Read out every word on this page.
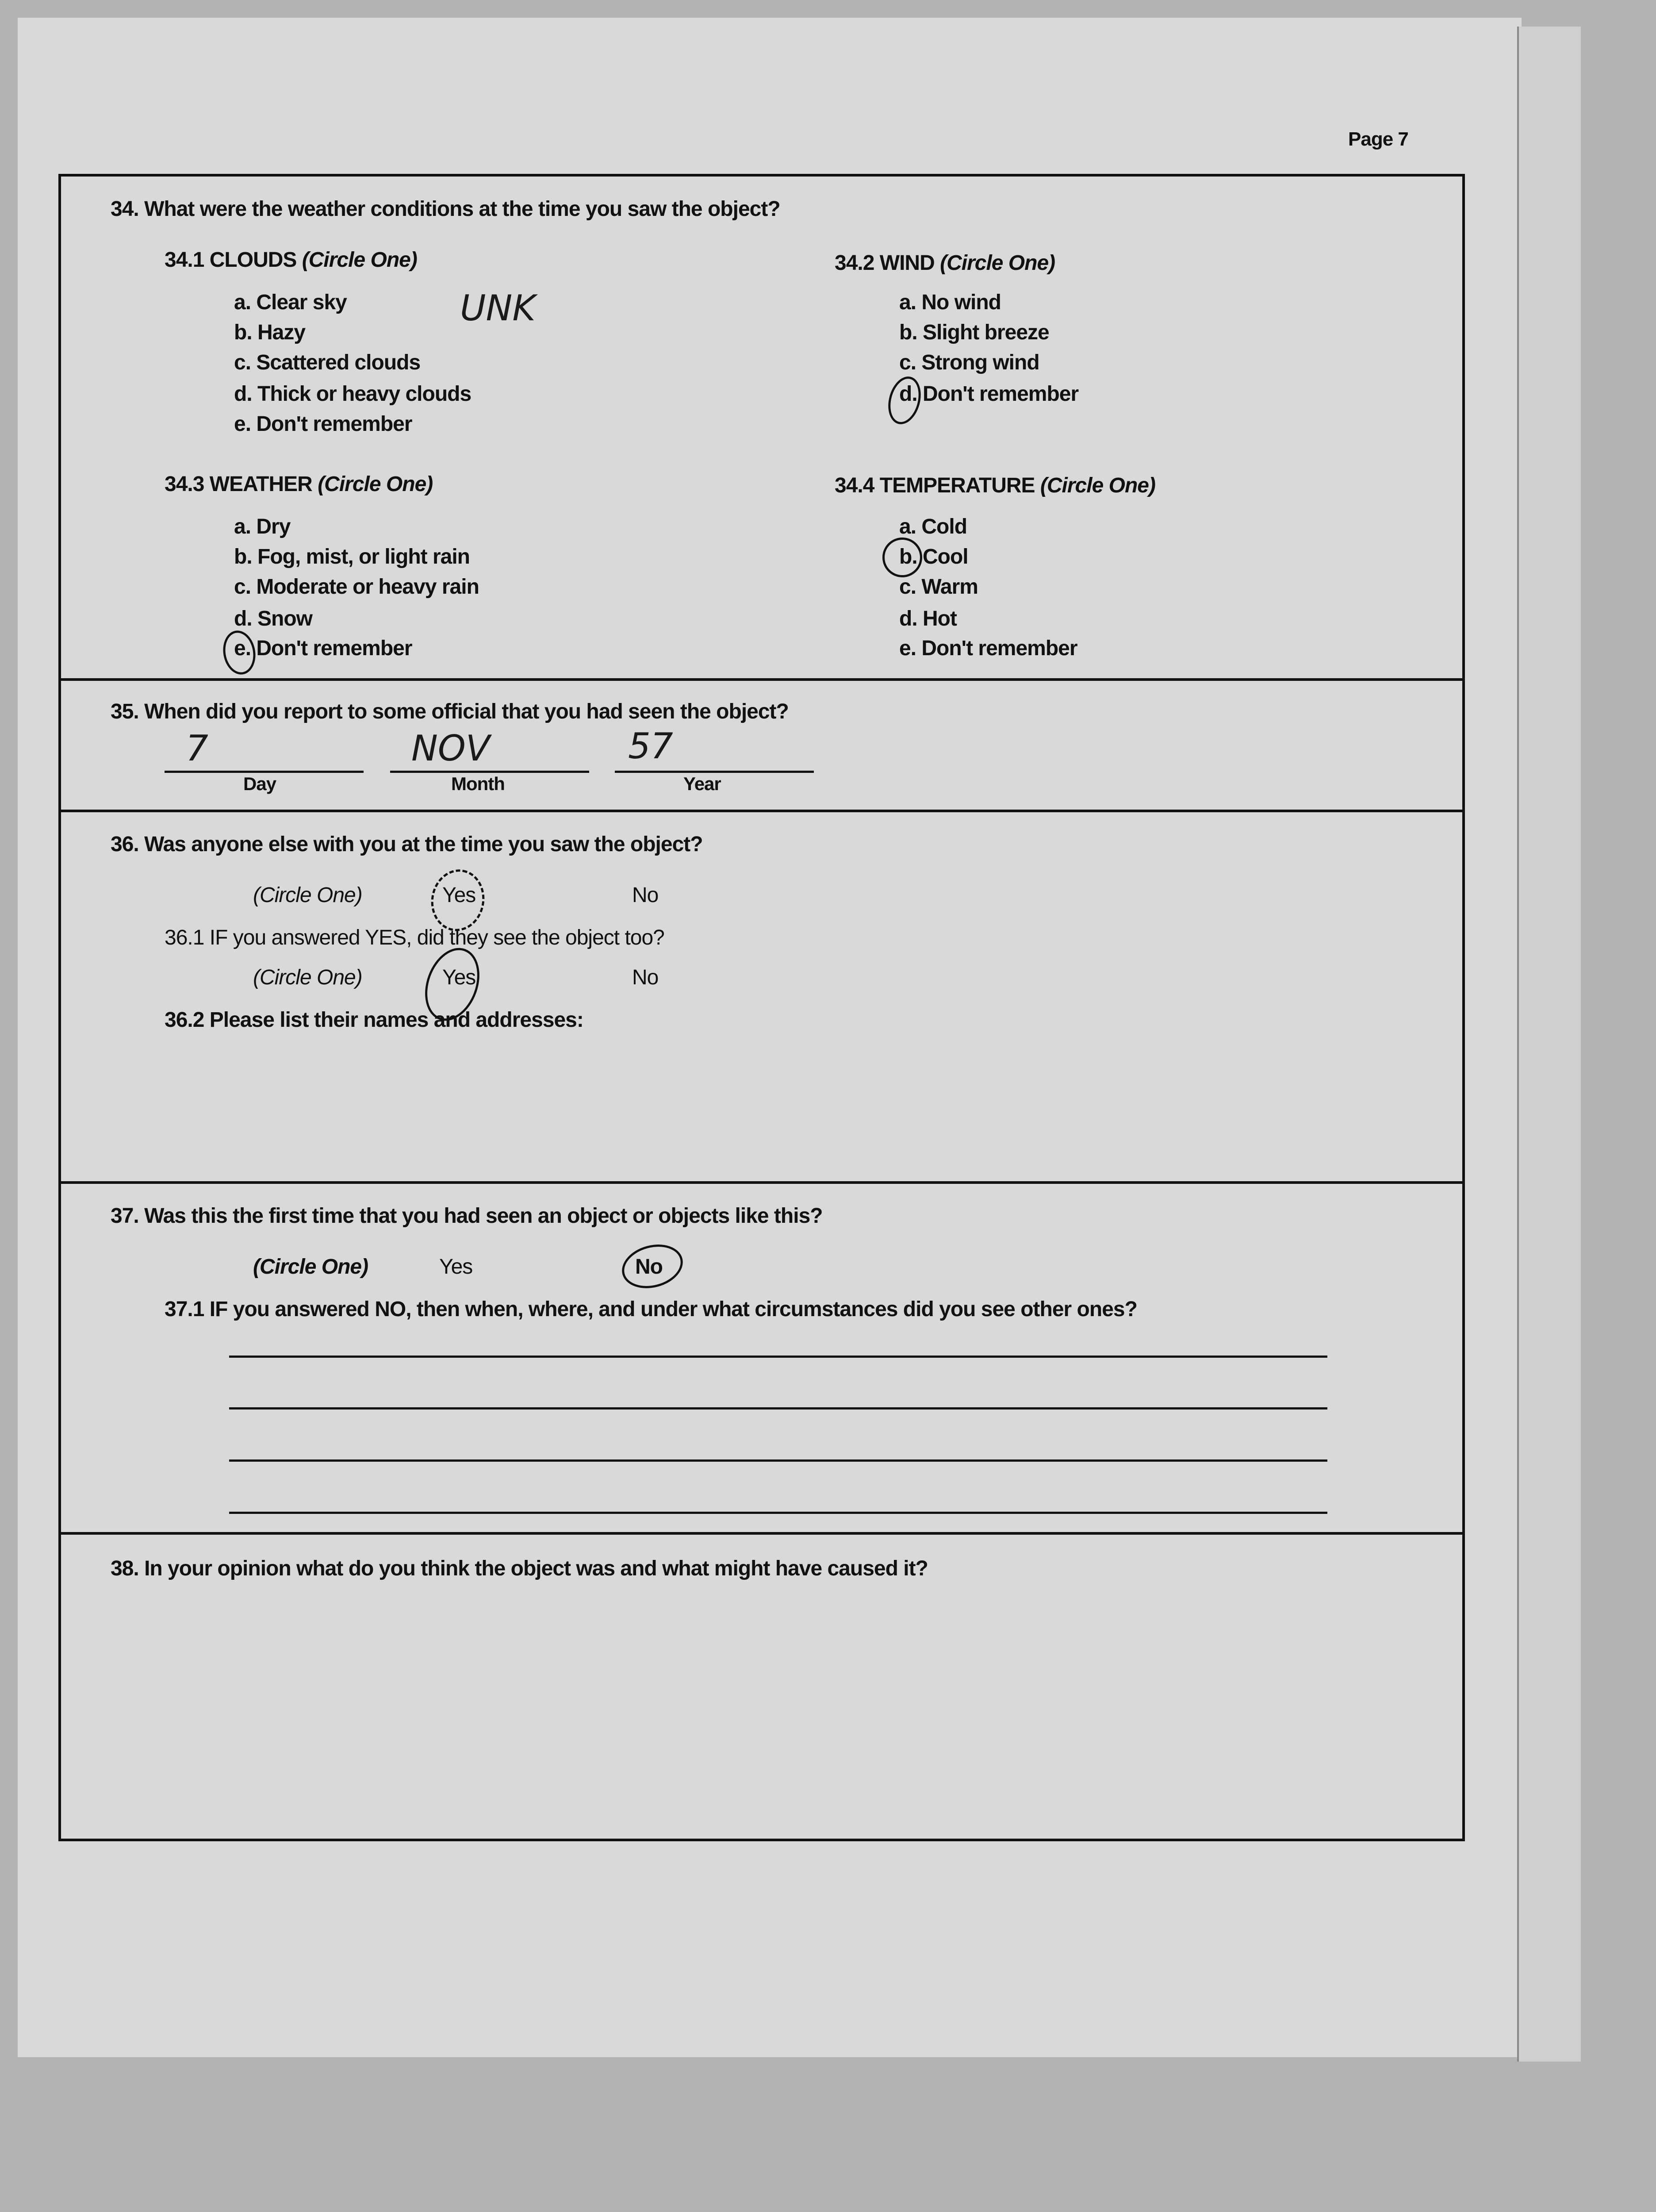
Page 7
34. What were the weather conditions at the time you saw the object?
34.1 CLOUDS (Circle One)
a. Clear sky
b. Hazy
c. Scattered clouds
d. Thick or heavy clouds
e. Don't remember
UNK
34.2 WIND (Circle One)
a. No wind
b. Slight breeze
c. Strong wind
d. Don't remember
34.3 WEATHER (Circle One)
a. Dry
b. Fog, mist, or light rain
c. Moderate or heavy rain
d. Snow
e. Don't remember
34.4 TEMPERATURE (Circle One)
a. Cold
b. Cool
c. Warm
d. Hot
e. Don't remember
35. When did you report to some official that you had seen the object?
7	NOV	57
Day	Month	Year
36. Was anyone else with you at the time you saw the object?
(Circle One)	Yes	No
36.1 IF you answered YES, did they see the object too?
(Circle One)	Yes	No
36.2 Please list their names and addresses:
37. Was this the first time that you had seen an object or objects like this?
(Circle One)	Yes	No
37.1 IF you answered NO, then when, where, and under what circumstances did you see other ones?
38. In your opinion what do you think the object was and what might have caused it?
